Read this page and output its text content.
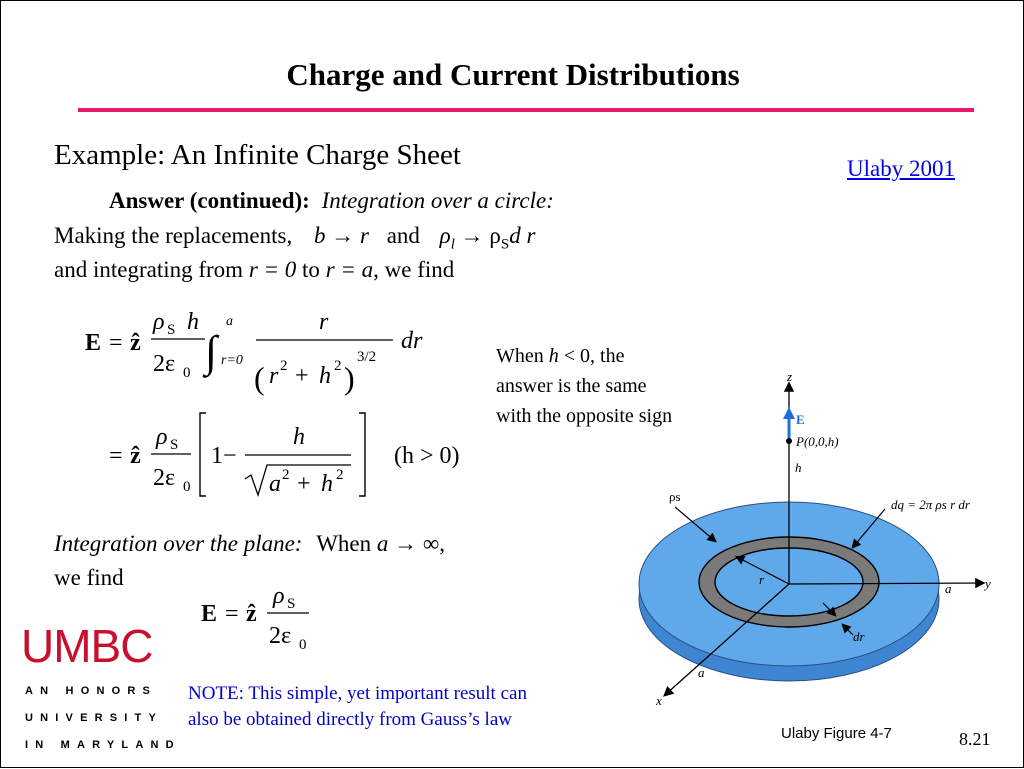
Charge and Current Distributions
Example: An Infinite Charge Sheet	Ulaby 2001
Answer (continued): Integration over a circle:
Making the replacements, b → r and $\rho_l \to \rho_Sd$ r
and integrating from r = 0 to r = a, we find
E = ẑ
ρ S h
2ε 0 ∫
a
r=0
r
( r 2 + h 2 )
3/2
dr
= ẑ
ρ S
2ε 0
1−
h
a 2 + h 2
(h > 0)
E = ẑ
ρ S
2ε 0
When h < 0, the
answer is the same
with the opposite sign
Integration over the plane: When a → ∞,
we find
UMBC
AN HONORS
UNIVERSITY
IN MARYLAND
NOTE: This simple, yet important result can
also be obtained directly from Gauss’s law
z
y
x
E
P(0,0,h)
h
ρs
dq = 2π ρs r dr
r
dr
a
a
Ulaby Figure 4-7	8.21
